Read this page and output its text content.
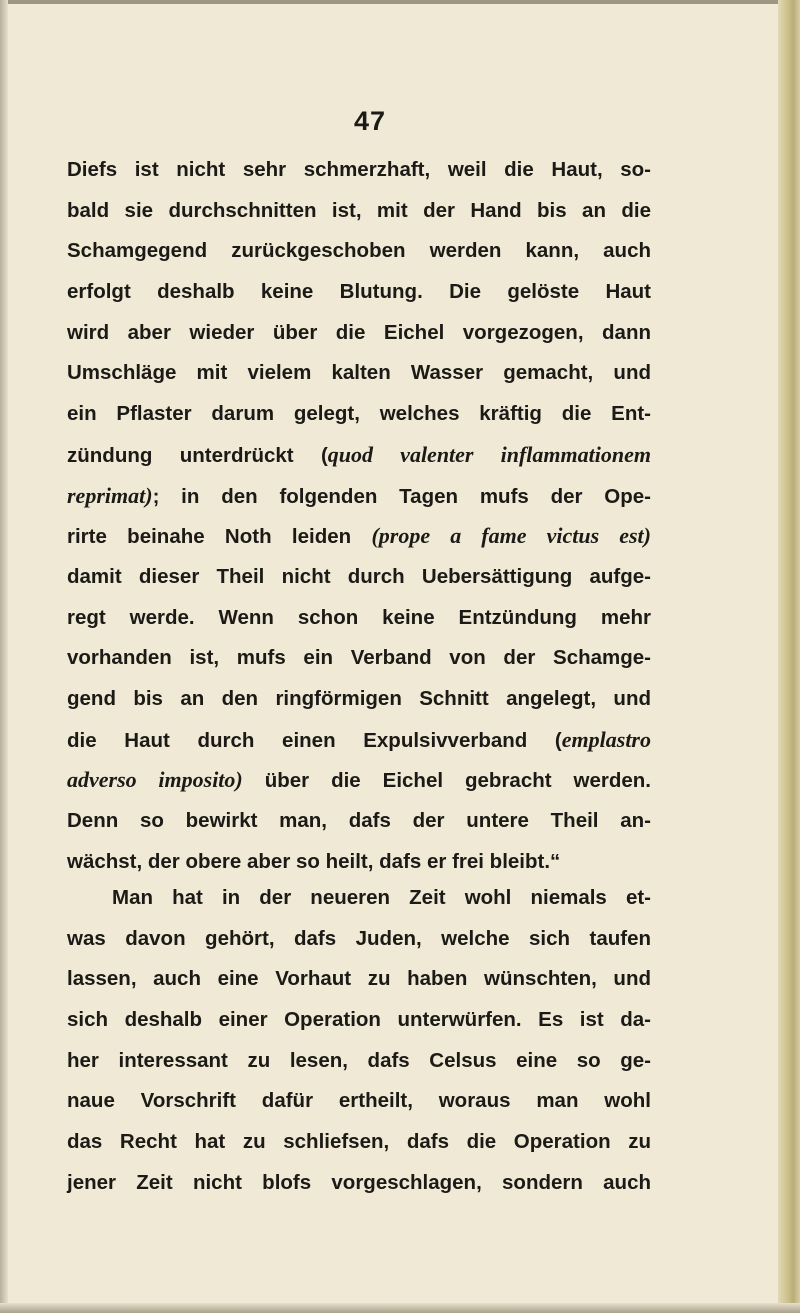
47
Diefs ist nicht sehr schmerzhaft, weil die Haut, so-
bald sie durchschnitten ist, mit der Hand bis an die
Schamgegend zurückgeschoben werden kann, auch
erfolgt deshalb keine Blutung. Die gelöste Haut
wird aber wieder über die Eichel vorgezogen, dann
Umschläge mit vielem kalten Wasser gemacht, und
ein Pflaster darum gelegt, welches kräftig die Ent-
zündung unterdrückt (quod valenter inflammationem
reprimat); in den folgenden Tagen mufs der Ope-
rirte beinahe Noth leiden (prope a fame victus est)
damit dieser Theil nicht durch Uebersättigung aufge-
regt werde. Wenn schon keine Entzündung mehr
vorhanden ist, mufs ein Verband von der Schamge-
gend bis an den ringförmigen Schnitt angelegt, und
die Haut durch einen Expulsivverband (emplastro
adverso imposito) über die Eichel gebracht werden.
Denn so bewirkt man, dafs der untere Theil an-
wächst, der obere aber so heilt, dafs er frei bleibt.“
Man hat in der neueren Zeit wohl niemals et-
was davon gehört, dafs Juden, welche sich taufen
lassen, auch eine Vorhaut zu haben wünschten, und
sich deshalb einer Operation unterwürfen. Es ist da-
her interessant zu lesen, dafs Celsus eine so ge-
naue Vorschrift dafür ertheilt, woraus man wohl
das Recht hat zu schliefsen, dafs die Operation zu
jener Zeit nicht blofs vorgeschlagen, sondern auch
